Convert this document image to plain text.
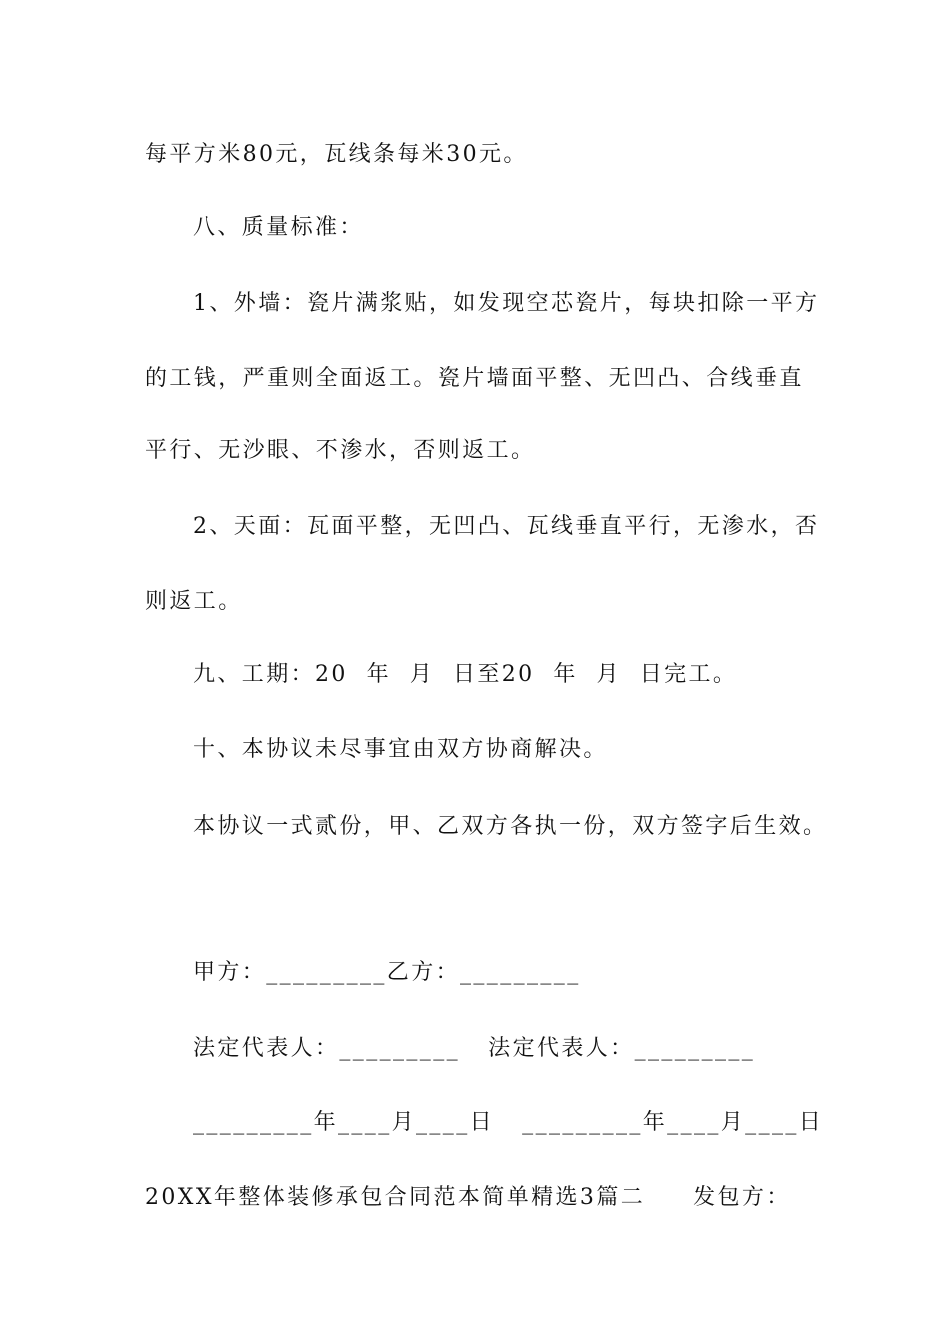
每平方米80元，瓦线条每米30元。
八、质量标准：
1、外墙：瓷片满浆贴，如发现空芯瓷片，每块扣除一平方
的工钱，严重则全面返工。瓷片墙面平整、无凹凸、合线垂直
平行、无沙眼、不渗水，否则返工。
2、天面：瓦面平整，无凹凸、瓦线垂直平行，无渗水，否
则返工。
九、工期：20  年  月  日至20  年  月  日完工。
十、本协议未尽事宜由双方协商解决。
本协议一式贰份，甲、乙双方各执一份，双方签字后生效。
甲方：_________乙方：_________
法定代表人：_________   法定代表人：_________
_________年____月____日   _________年____月____日
20XX年整体装修承包合同范本简单精选3篇二 发包方：
